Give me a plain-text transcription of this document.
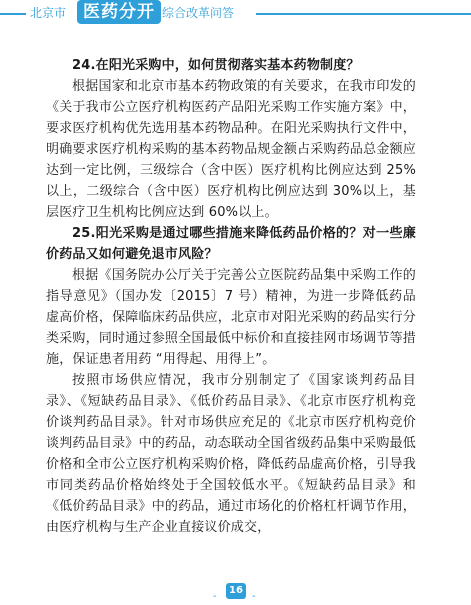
北京市 医药分开 综合改革问答

24.在阳光采购中，如何贯彻落实基本药物制度？

根据国家和北京市基本药物政策的有关要求，在我市印发的《关于我市公立医疗机构医药产品阳光采购工作实施方案》中，要求医疗机构优先选用基本药物品种。在阳光采购执行文件中，明确要求医疗机构采购的基本药物品规金额占采购药品总金额应达到一定比例，三级综合（含中医）医疗机构比例应达到 25%以上，二级综合（含中医）医疗机构比例应达到 30%以上，基层医疗卫生机构比例应达到 60%以上。

25.阳光采购是通过哪些措施来降低药品价格的？对一些廉价药品又如何避免退市风险？

根据《国务院办公厅关于完善公立医院药品集中采购工作的指导意见》（国办发〔2015〕7 号）精神，为进一步降低药品虚高价格，保障临床药品供应，北京市对阳光采购的药品实行分类采购，同时通过参照全国最低中标价和直接挂网市场调节等措施，保证患者用药 “用得起、用得上”。

按照市场供应情况，我市分别制定了《国家谈判药品目录》、《短缺药品目录》、《低价药品目录》、《北京市医疗机构竞价谈判药品目录》。针对市场供应充足的《北京市医疗机构竞价谈判药品目录》中的药品，动态联动全国省级药品集中采购最低价格和全市公立医疗机构采购价格，降低药品虚高价格，引导我市同类药品价格始终处于全国较低水平。《短缺药品目录》和《低价药品目录》中的药品，通过市场化的价格杠杆调节作用，由医疗机构与生产企业直接议价成交，

-
16
-
